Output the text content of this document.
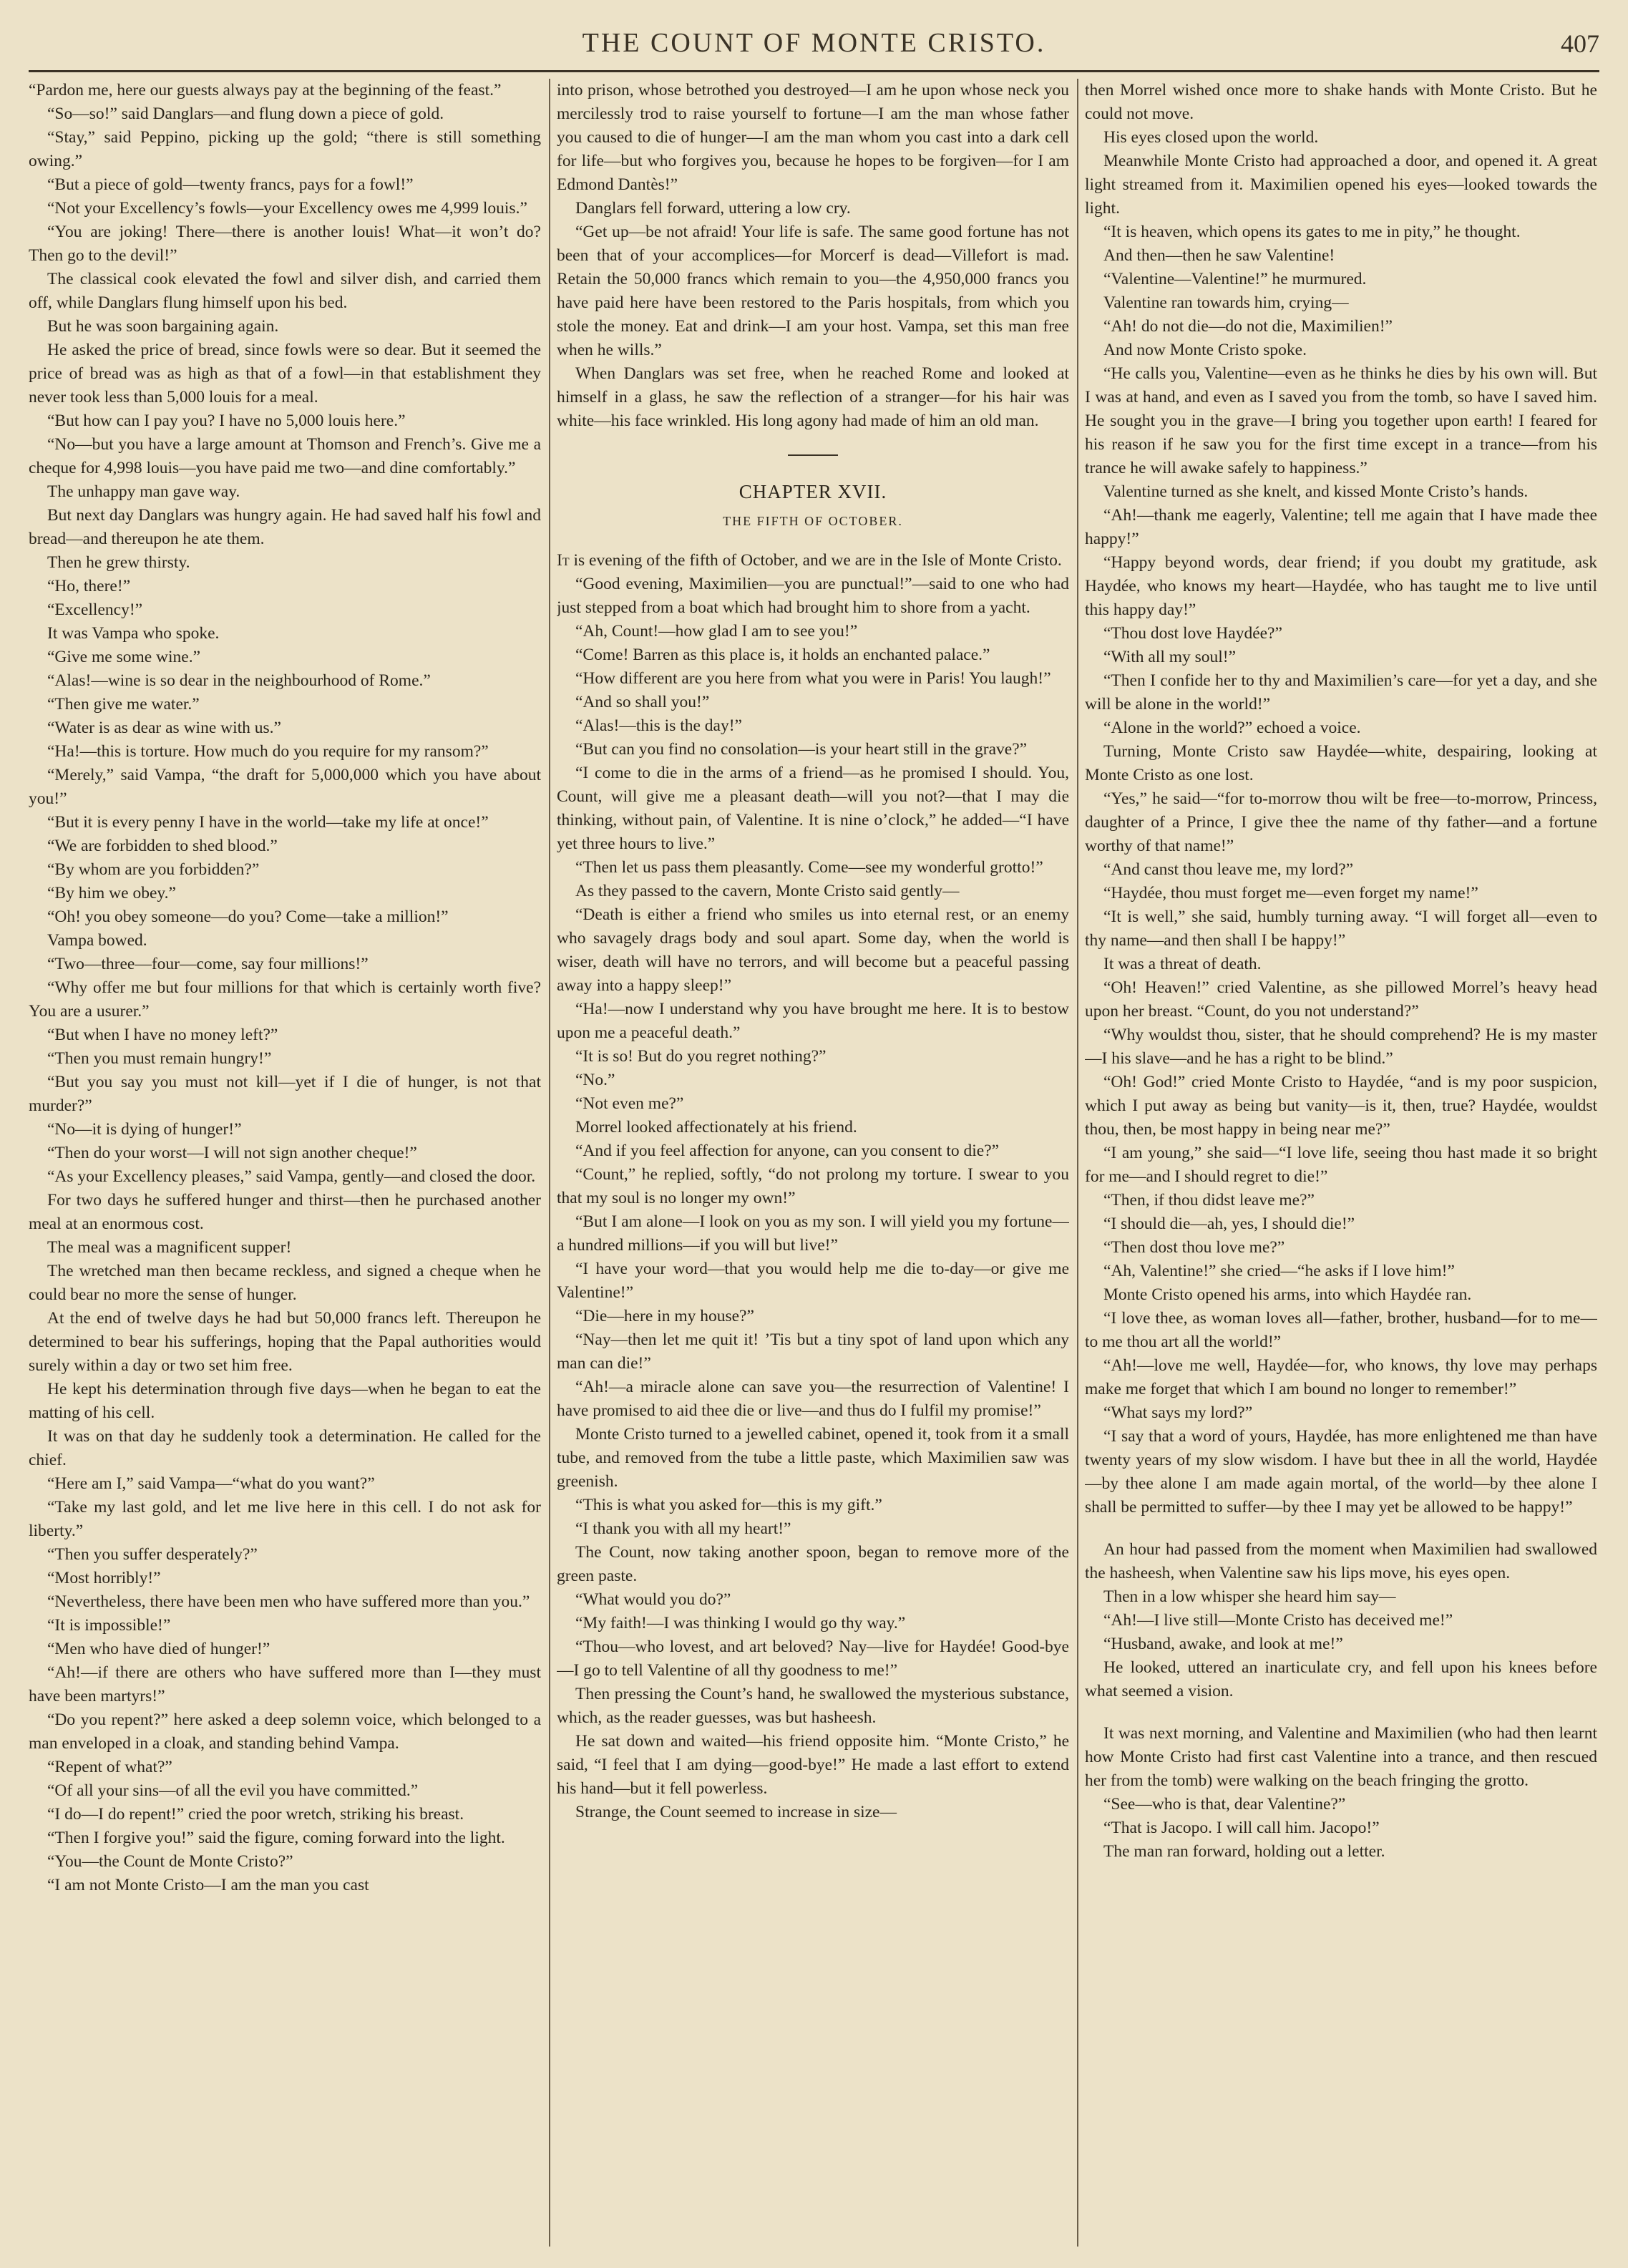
THE COUNT OF MONTE CRISTO.	407

“Pardon me, here our guests always pay at the beginning of the feast.”

“So—so!” said Danglars—and flung down a piece of gold.

“Stay,” said Peppino, picking up the gold; “there is still something owing.”

“But a piece of gold—twenty francs, pays for a fowl!”

“Not your Excellency’s fowls—your Excellency owes me 4,999 louis.”

“You are joking! There—there is another louis! What—it won’t do? Then go to the devil!”

The classical cook elevated the fowl and silver dish, and carried them off, while Danglars flung himself upon his bed.

But he was soon bargaining again.

He asked the price of bread, since fowls were so dear. But it seemed the price of bread was as high as that of a fowl—in that establishment they never took less than 5,000 louis for a meal.

“But how can I pay you? I have no 5,000 louis here.”

“No—but you have a large amount at Thomson and French’s. Give me a cheque for 4,998 louis—you have paid me two—and dine comfortably.”

The unhappy man gave way.

But next day Danglars was hungry again. He had saved half his fowl and bread—and thereupon he ate them.

Then he grew thirsty.

“Ho, there!”

“Excellency!”

It was Vampa who spoke.

“Give me some wine.”

“Alas!—wine is so dear in the neighbourhood of Rome.”

“Then give me water.”

“Water is as dear as wine with us.”

“Ha!—this is torture. How much do you require for my ransom?”

“Merely,” said Vampa, “the draft for 5,000,000 which you have about you!”

“But it is every penny I have in the world—take my life at once!”

“We are forbidden to shed blood.”

“By whom are you forbidden?”

“By him we obey.”

“Oh! you obey someone—do you? Come—take a million!”

Vampa bowed.

“Two—three—four—come, say four millions!”

“Why offer me but four millions for that which is certainly worth five? You are a usurer.”

“But when I have no money left?”

“Then you must remain hungry!”

“But you say you must not kill—yet if I die of hunger, is not that murder?”

“No—it is dying of hunger!”

“Then do your worst—I will not sign another cheque!”

“As your Excellency pleases,” said Vampa, gently—and closed the door.

For two days he suffered hunger and thirst—then he purchased another meal at an enormous cost.

The meal was a magnificent supper!

The wretched man then became reckless, and signed a cheque when he could bear no more the sense of hunger.

At the end of twelve days he had but 50,000 francs left. Thereupon he determined to bear his sufferings, hoping that the Papal authorities would surely within a day or two set him free.

He kept his determination through five days—when he began to eat the matting of his cell.

It was on that day he suddenly took a determination. He called for the chief.

“Here am I,” said Vampa—“what do you want?”

“Take my last gold, and let me live here in this cell. I do not ask for liberty.”

“Then you suffer desperately?”

“Most horribly!”

“Nevertheless, there have been men who have suffered more than you.”

“It is impossible!”

“Men who have died of hunger!”

“Ah!—if there are others who have suffered more than I—they must have been martyrs!”

“Do you repent?” here asked a deep solemn voice, which belonged to a man enveloped in a cloak, and standing behind Vampa.

“Repent of what?”

“Of all your sins—of all the evil you have committed.”

“I do—I do repent!” cried the poor wretch, striking his breast.

“Then I forgive you!” said the figure, coming forward into the light.

“You—the Count de Monte Cristo?”

“I am not Monte Cristo—I am the man you cast

into prison, whose betrothed you destroyed—I am he upon whose neck you mercilessly trod to raise yourself to fortune—I am the man whose father you caused to die of hunger—I am the man whom you cast into a dark cell for life—but who forgives you, because he hopes to be forgiven—for I am Edmond Dantès!”

Danglars fell forward, uttering a low cry.

“Get up—be not afraid! Your life is safe. The same good fortune has not been that of your accomplices—for Morcerf is dead—Villefort is mad. Retain the 50,000 francs which remain to you—the 4,950,000 francs you have paid here have been restored to the Paris hospitals, from which you stole the money. Eat and drink—I am your host. Vampa, set this man free when he wills.”

When Danglars was set free, when he reached Rome and looked at himself in a glass, he saw the reflection of a stranger—for his hair was white—his face wrinkled. His long agony had made of him an old man.

CHAPTER XVII.
THE FIFTH OF OCTOBER.

It is evening of the fifth of October, and we are in the Isle of Monte Cristo.

“Good evening, Maximilien—you are punctual!”—said to one who had just stepped from a boat which had brought him to shore from a yacht.

“Ah, Count!—how glad I am to see you!”

“Come! Barren as this place is, it holds an enchanted palace.”

“How different are you here from what you were in Paris! You laugh!”

“And so shall you!”

“Alas!—this is the day!”

“But can you find no consolation—is your heart still in the grave?”

“I come to die in the arms of a friend—as he promised I should. You, Count, will give me a pleasant death—will you not?—that I may die thinking, without pain, of Valentine. It is nine o’clock,” he added—“I have yet three hours to live.”

“Then let us pass them pleasantly. Come—see my wonderful grotto!”

As they passed to the cavern, Monte Cristo said gently—

“Death is either a friend who smiles us into eternal rest, or an enemy who savagely drags body and soul apart. Some day, when the world is wiser, death will have no terrors, and will become but a peaceful passing away into a happy sleep!”

“Ha!—now I understand why you have brought me here. It is to bestow upon me a peaceful death.”

“It is so! But do you regret nothing?”

“No.”

“Not even me?”

Morrel looked affectionately at his friend.

“And if you feel affection for anyone, can you consent to die?”

“Count,” he replied, softly, “do not prolong my torture. I swear to you that my soul is no longer my own!”

“But I am alone—I look on you as my son. I will yield you my fortune—a hundred millions—if you will but live!”

“I have your word—that you would help me die to-day—or give me Valentine!”

“Die—here in my house?”

“Nay—then let me quit it! ’Tis but a tiny spot of land upon which any man can die!”

“Ah!—a miracle alone can save you—the resurrection of Valentine! I have promised to aid thee die or live—and thus do I fulfil my promise!”

Monte Cristo turned to a jewelled cabinet, opened it, took from it a small tube, and removed from the tube a little paste, which Maximilien saw was greenish.

“This is what you asked for—this is my gift.”

“I thank you with all my heart!”

The Count, now taking another spoon, began to remove more of the green paste.

“What would you do?”

“My faith!—I was thinking I would go thy way.”

“Thou—who lovest, and art beloved? Nay—live for Haydée! Good-bye—I go to tell Valentine of all thy goodness to me!”

Then pressing the Count’s hand, he swallowed the mysterious substance, which, as the reader guesses, was but hasheesh.

He sat down and waited—his friend opposite him. “Monte Cristo,” he said, “I feel that I am dying—good-bye!” He made a last effort to extend his hand—but it fell powerless.

Strange, the Count seemed to increase in size—

then Morrel wished once more to shake hands with Monte Cristo. But he could not move.

His eyes closed upon the world.

Meanwhile Monte Cristo had approached a door, and opened it. A great light streamed from it. Maximilien opened his eyes—looked towards the light.

“It is heaven, which opens its gates to me in pity,” he thought.

And then—then he saw Valentine!

“Valentine—Valentine!” he murmured.

Valentine ran towards him, crying—

“Ah! do not die—do not die, Maximilien!”

And now Monte Cristo spoke.

“He calls you, Valentine—even as he thinks he dies by his own will. But I was at hand, and even as I saved you from the tomb, so have I saved him. He sought you in the grave—I bring you together upon earth! I feared for his reason if he saw you for the first time except in a trance—from his trance he will awake safely to happiness.”

Valentine turned as she knelt, and kissed Monte Cristo’s hands.

“Ah!—thank me eagerly, Valentine; tell me again that I have made thee happy!”

“Happy beyond words, dear friend; if you doubt my gratitude, ask Haydée, who knows my heart—Haydée, who has taught me to live until this happy day!”

“Thou dost love Haydée?”

“With all my soul!”

“Then I confide her to thy and Maximilien’s care—for yet a day, and she will be alone in the world!”

“Alone in the world?” echoed a voice.

Turning, Monte Cristo saw Haydée—white, despairing, looking at Monte Cristo as one lost.

“Yes,” he said—“for to-morrow thou wilt be free—to-morrow, Princess, daughter of a Prince, I give thee the name of thy father—and a fortune worthy of that name!”

“And canst thou leave me, my lord?”

“Haydée, thou must forget me—even forget my name!”

“It is well,” she said, humbly turning away. “I will forget all—even to thy name—and then shall I be happy!”

It was a threat of death.

“Oh! Heaven!” cried Valentine, as she pillowed Morrel’s heavy head upon her breast. “Count, do you not understand?”

“Why wouldst thou, sister, that he should comprehend? He is my master—I his slave—and he has a right to be blind.”

“Oh! God!” cried Monte Cristo to Haydée, “and is my poor suspicion, which I put away as being but vanity—is it, then, true? Haydée, wouldst thou, then, be most happy in being near me?”

“I am young,” she said—“I love life, seeing thou hast made it so bright for me—and I should regret to die!”

“Then, if thou didst leave me?”

“I should die—ah, yes, I should die!”

“Then dost thou love me?”

“Ah, Valentine!” she cried—“he asks if I love him!”

Monte Cristo opened his arms, into which Haydée ran.

“I love thee, as woman loves all—father, brother, husband—for to me—to me thou art all the world!”

“Ah!—love me well, Haydée—for, who knows, thy love may perhaps make me forget that which I am bound no longer to remember!”

“What says my lord?”

“I say that a word of yours, Haydée, has more enlightened me than have twenty years of my slow wisdom. I have but thee in all the world, Haydée—by thee alone I am made again mortal, of the world—by thee alone I shall be permitted to suffer—by thee I may yet be allowed to be happy!”

An hour had passed from the moment when Maximilien had swallowed the hasheesh, when Valentine saw his lips move, his eyes open.

Then in a low whisper she heard him say—

“Ah!—I live still—Monte Cristo has deceived me!”

“Husband, awake, and look at me!”

He looked, uttered an inarticulate cry, and fell upon his knees before what seemed a vision.

It was next morning, and Valentine and Maximilien (who had then learnt how Monte Cristo had first cast Valentine into a trance, and then rescued her from the tomb) were walking on the beach fringing the grotto.

“See—who is that, dear Valentine?”

“That is Jacopo. I will call him. Jacopo!”

The man ran forward, holding out a letter.
